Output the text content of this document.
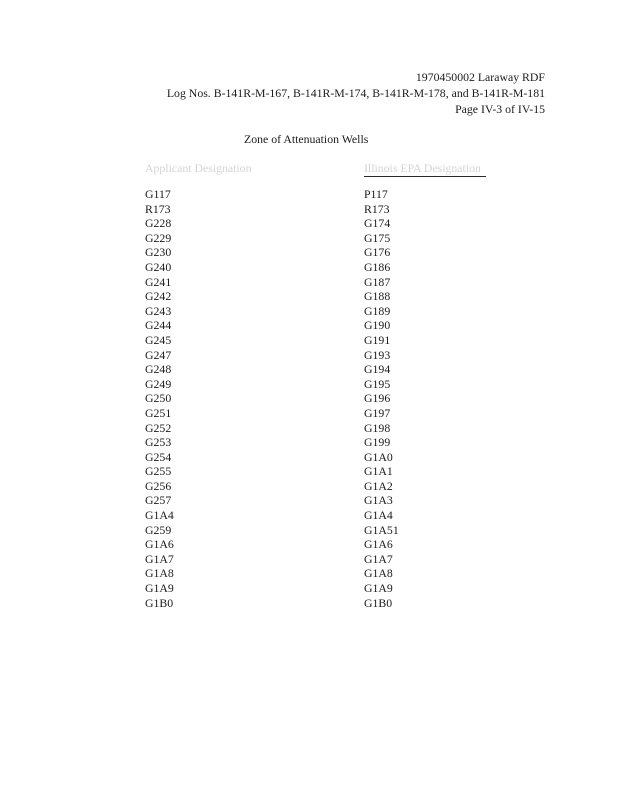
1970450002 Laraway RDF
Log Nos. B-141R-M-167, B-141R-M-174, B-141R-M-178, and B-141R-M-181
Page IV-3 of IV-15
Zone of Attenuation Wells
Applicant Designation	Illinois EPA Designation
G117
R173
G228
G229
G230
G240
G241
G242
G243
G244
G245
G247
G248
G249
G250
G251
G252
G253
G254
G255
G256
G257
G1A4
G259
G1A6
G1A7
G1A8
G1A9
G1B0
P117
R173
G174
G175
G176
G186
G187
G188
G189
G190
G191
G193
G194
G195
G196
G197
G198
G199
G1A0
G1A1
G1A2
G1A3
G1A4
G1A51
G1A6
G1A7
G1A8
G1A9
G1B0
